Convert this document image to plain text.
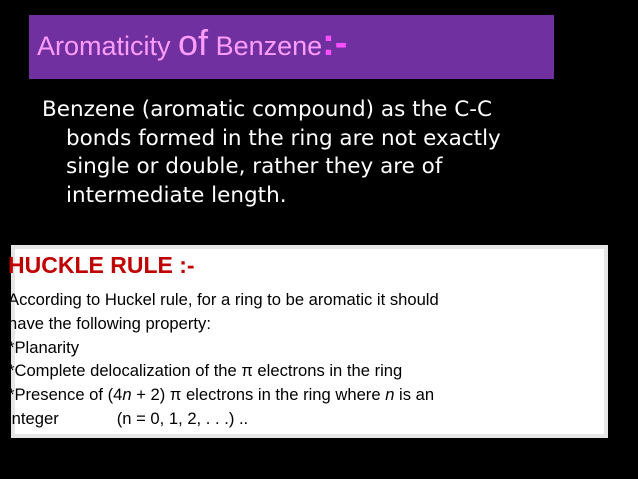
Aromaticity of Benzene:-
Benzene (aromatic compound) as the C-C
bonds formed in the ring are not exactly
single or double, rather they are of
intermediate length.
HUCKLE RULE :-
According to Huckel rule, for a ring to be aromatic it should
have the following property:
*Planarity
*Complete delocalization of the π electrons in the ring
*Presence of (4n + 2) π electrons in the ring where n is an
integer	(n = 0, 1, 2, . . .) ..
